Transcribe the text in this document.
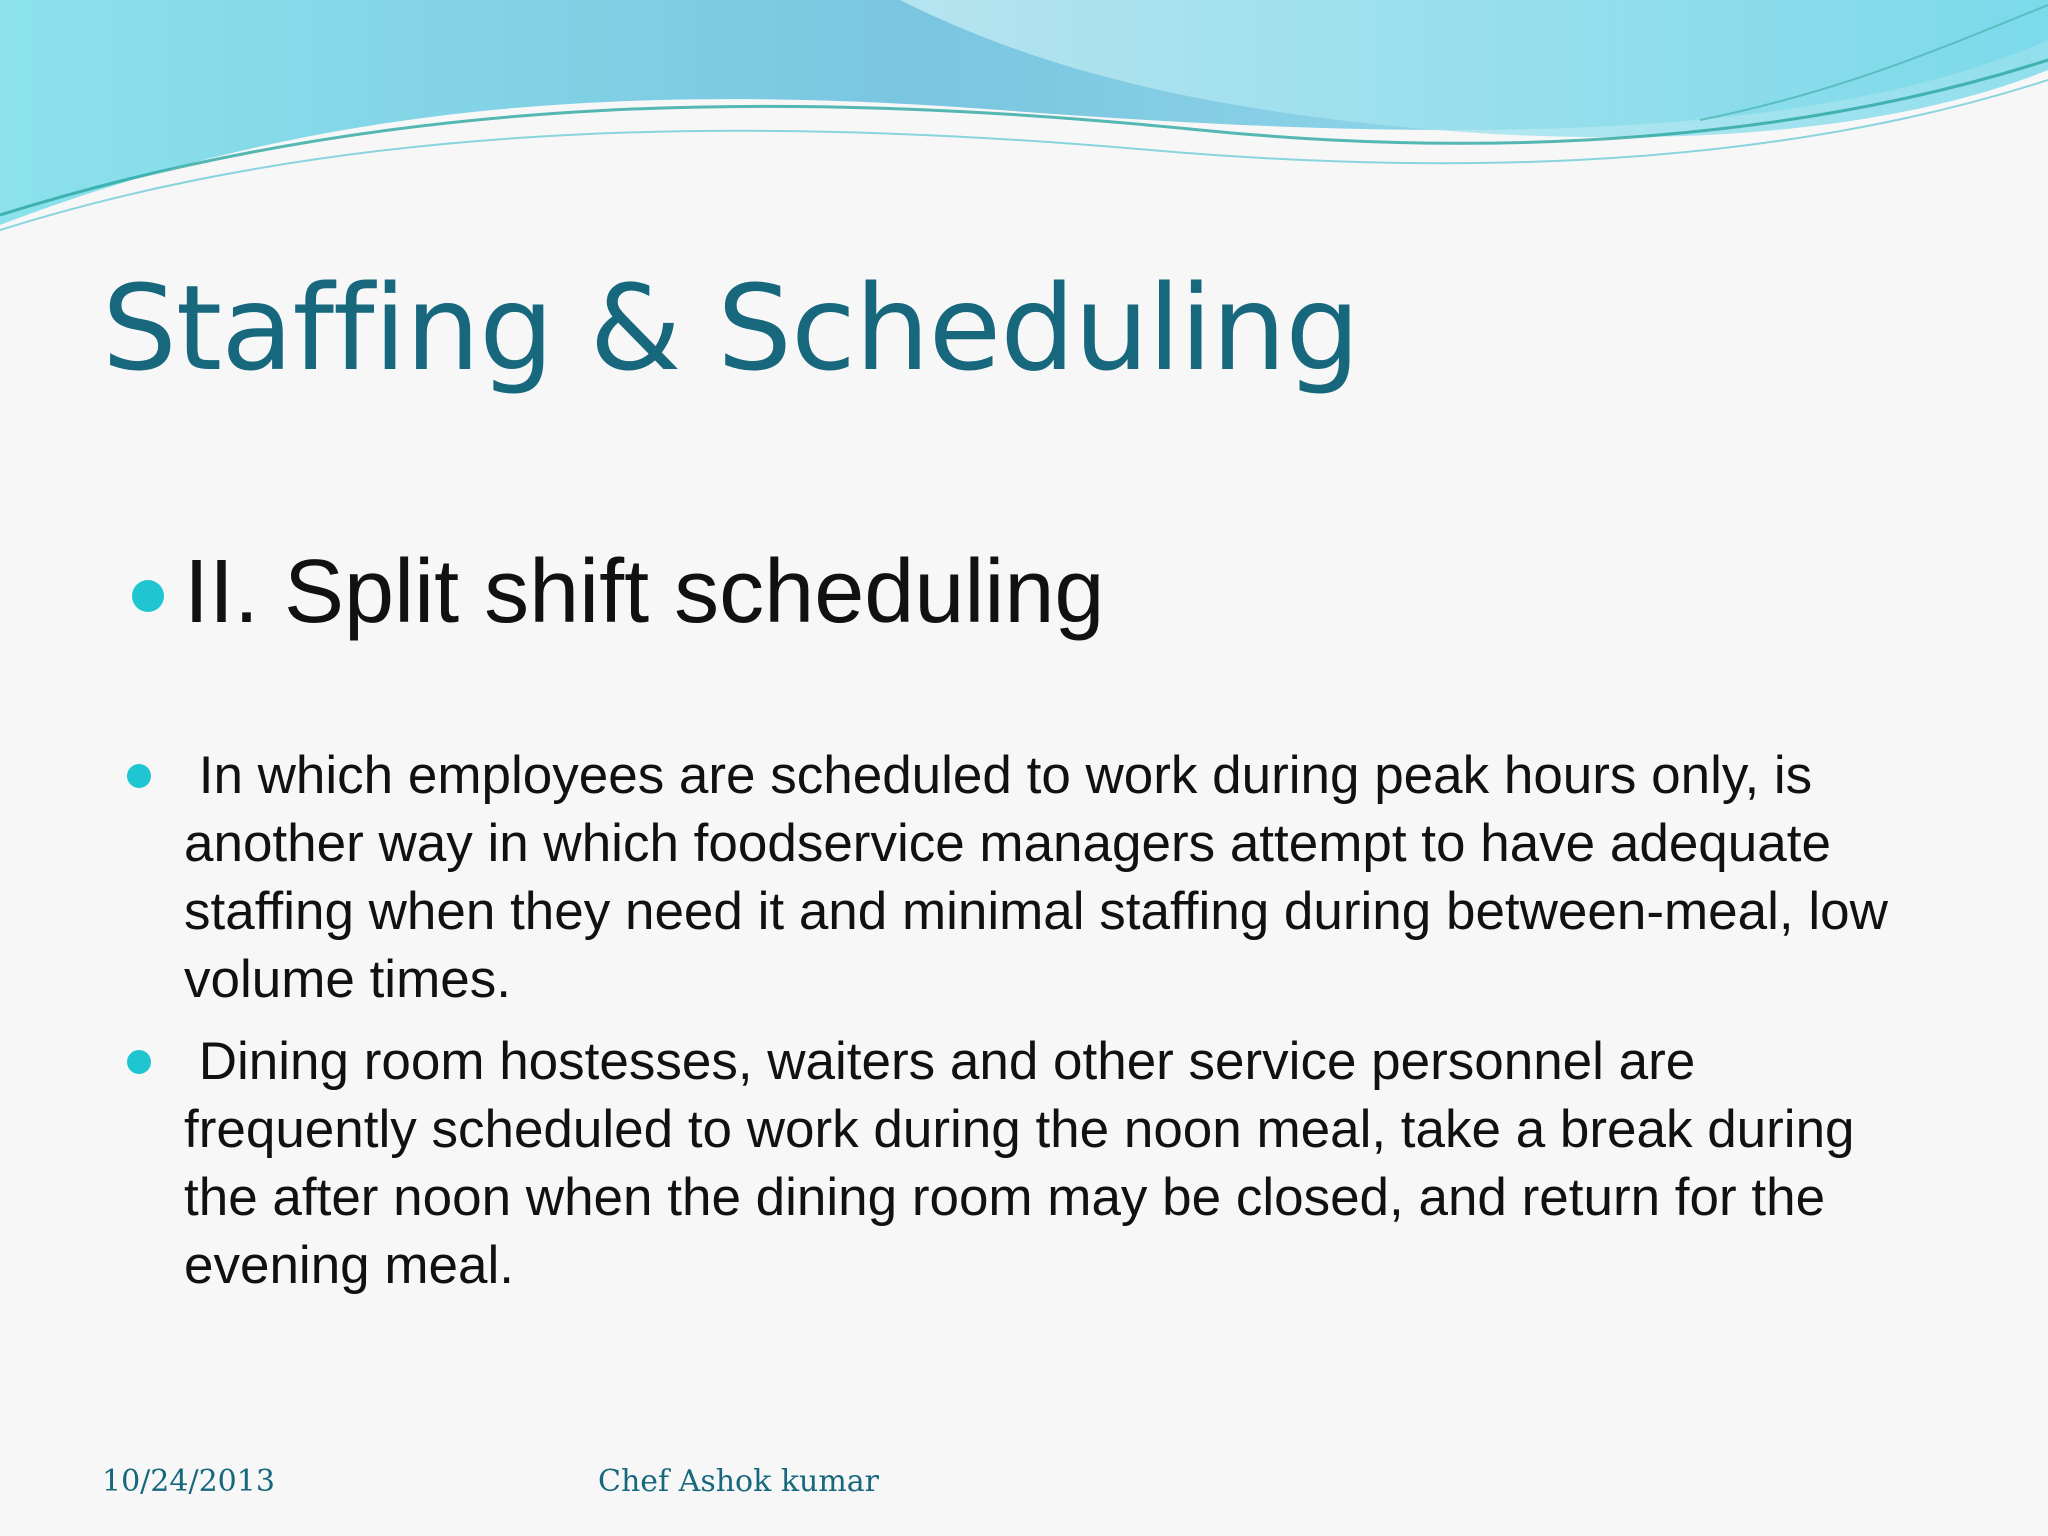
Staffing & Scheduling
II. Split shift scheduling

In which employees are scheduled to work during peak hours only, is another way in which foodservice managers attempt to have adequate staffing when they need it and minimal staffing during between-meal, low volume times.

Dining room hostesses, waiters and other service personnel are frequently scheduled to work during the noon meal, take a break during the after noon when the dining room may be closed, and return for the evening meal.

10/24/2013	Chef Ashok kumar
